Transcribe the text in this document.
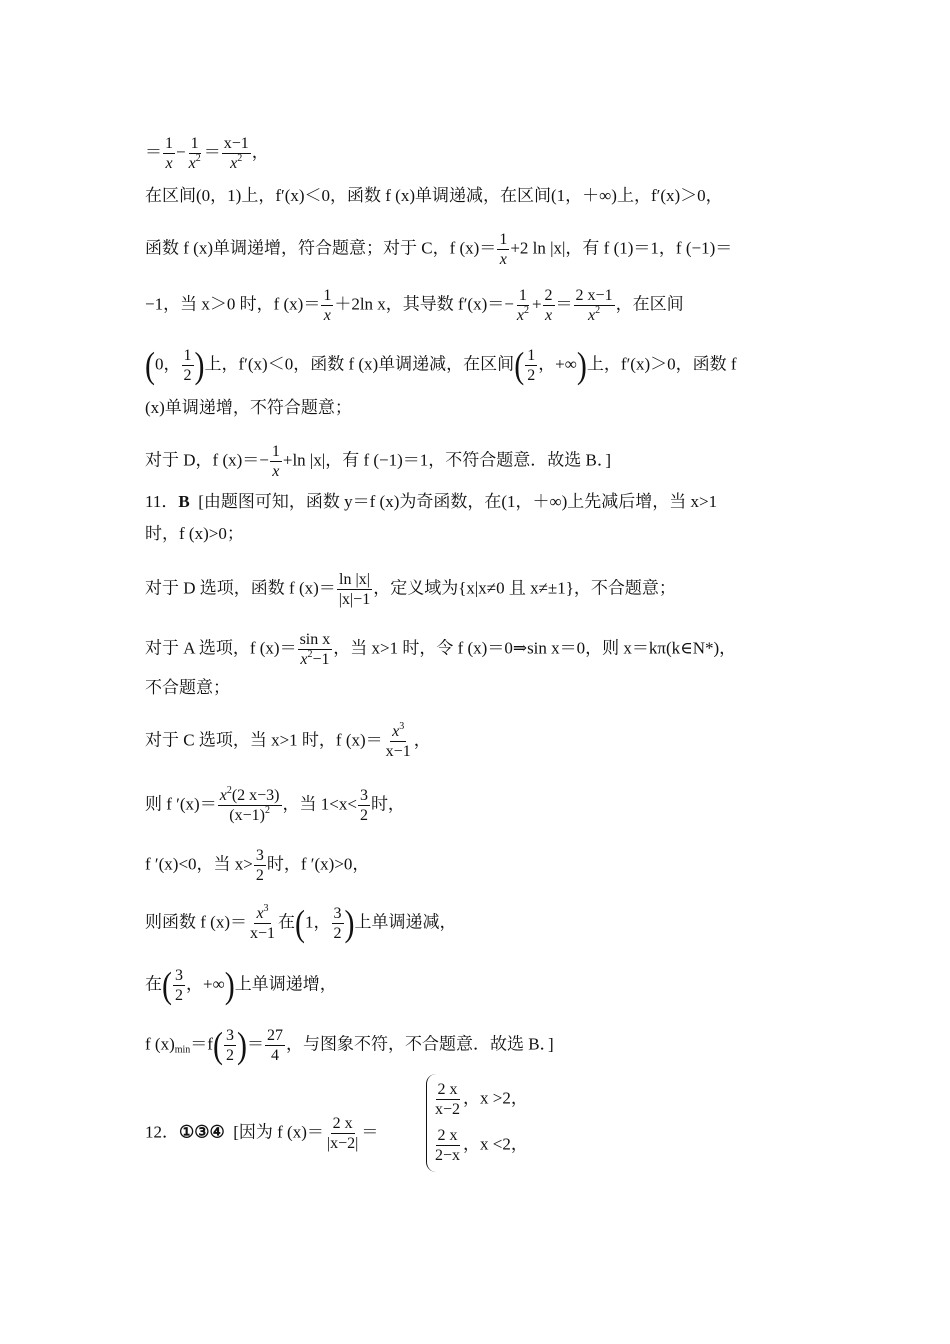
＝ $\frac{1}{x} - \frac{1}{x^2} = \frac{x-1}{x^2}$ ，
在区间(0，1)上，f′(x)＜0，函数 f (x)单调递减，在区间(1，＋∞)上，f′(x)＞0，
函数 f (x)单调递增，符合题意；对于 C，f $(x)= \frac{1}{x} +2$ ln |x|，有 f (1)＝1，f (−1)＝
−1，当 x＞0 时，f $(x)= \frac{1}{x} +2\ln$ x，其导数 $f'(x)=- \frac{1}{x^2} + \frac{2}{x} = \frac{2 x-1}{x^2}$ ，在区间
(0， $\frac{1}{2}$ )上，f′(x)＜0，函数 f (x)单调递减，在区间( $\frac{1}{2}$ ，+∞)上，f′(x)＞0，函数 f
(x)单调递增，不符合题意；
对于 D，f $(x)=- \frac{1}{x} +\ln$ |x|，有 f (−1)＝1，不符合题意．故选 B．]
11．B [由题图可知，函数 y＝f (x)为奇函数，在(1，＋∞)上先减后增，当 x>1
时，f (x)>0；
对于 D 选项，函数 f $(x)= \frac{\ln |x|}{|x|-1}$ ，定义域为{x|x≠0 且 x≠±1}，不合题意；
对于 A 选项，f $(x)= \frac{\text{sin x}}{x^2-1}$ ，当 x>1 时，令 f (x)＝0⇒sin x＝0，则 x＝kπ(k∈N*)，
不合题意；
对于 C 选项，当 x>1 时，f $(x)= \frac{x^3}{x-1}$ ，
则 f $'(x)= \frac{x^2(2 x-3)}{(x-1)^2}$ ，当 $1<x< \frac{3}{2}$ 时，
f ′(x)<0，当 $x> \frac{3}{2}$ 时，f ′(x)>0，
则函数 f $(x)= \frac{x^3}{x-1}$ 在(1， $\frac{3}{2}$ )上单调递减，
在( $\frac{3}{2}$ ，+∞)上单调递增，
f $(x)_{min}=f( \frac{3}{2}$ )＝ $\frac{27}{4}$ ，与图象不符，不合题意．故选 B．]
12．①③④ [因为 f $(x)= \frac{2 x}{|x-2|}$ ＝
$\frac{2 x}{x-2}$ ，x >2，
$\frac{2 x}{2-x}$ ，x <2，
